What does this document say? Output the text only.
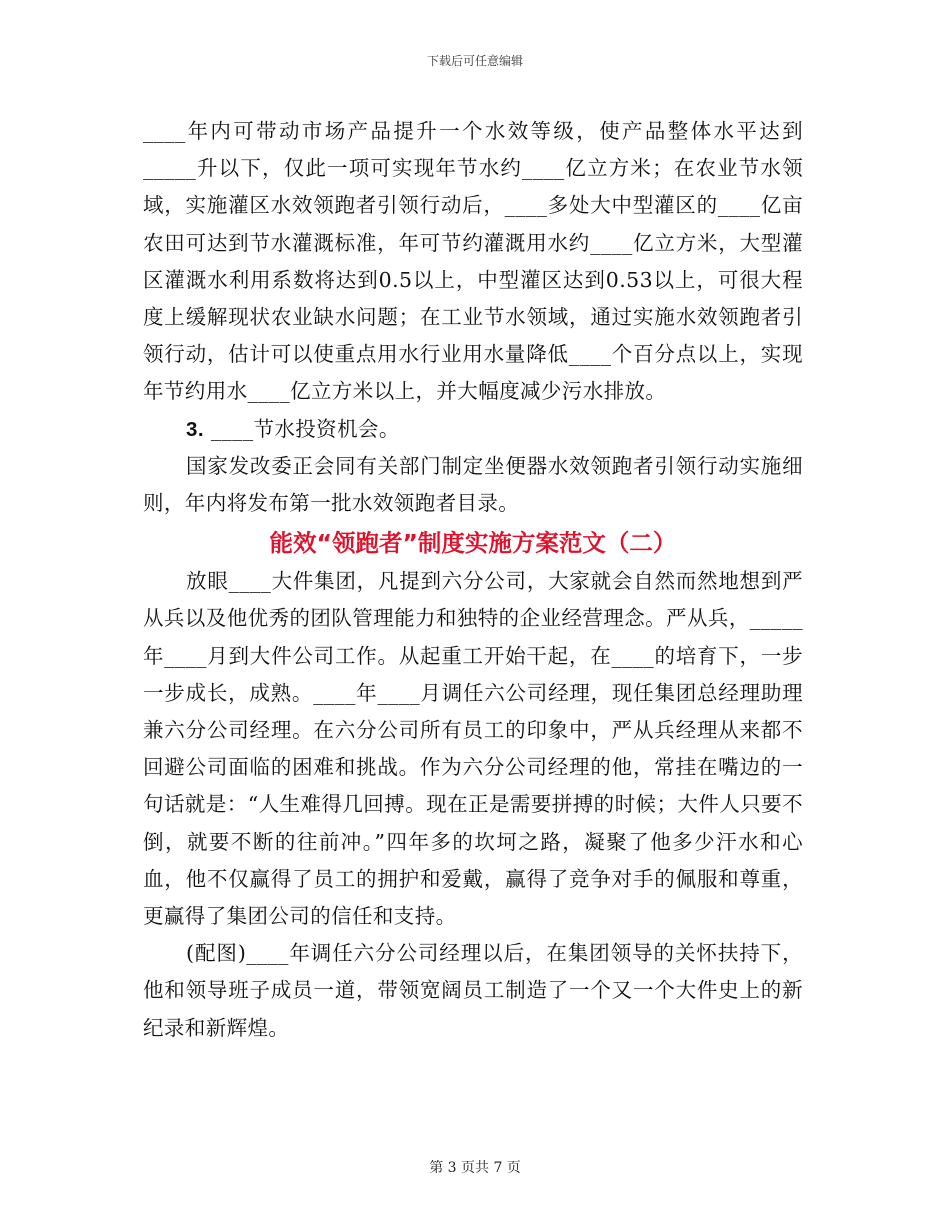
下载后可任意编辑

____年内可带动市场产品提升一个水效等级，使产品整体水平达到_____升以下，仅此一项可实现年节水约____亿立方米；在农业节水领域，实施灌区水效领跑者引领行动后，____多处大中型灌区的____亿亩农田可达到节水灌溉标准，年可节约灌溉用水约____亿立方米，大型灌区灌溉水利用系数将达到0.5以上，中型灌区达到0.53以上，可很大程度上缓解现状农业缺水问题；在工业节水领域，通过实施水效领跑者引领行动，估计可以使重点用水行业用水量降低____个百分点以上，实现年节约用水____亿立方米以上，并大幅度减少污水排放。

3. ____节水投资机会。

国家发改委正会同有关部门制定坐便器水效领跑者引领行动实施细则，年内将发布第一批水效领跑者目录。

能效“领跑者”制度实施方案范文（二）

放眼____大件集团，凡提到六分公司，大家就会自然而然地想到严从兵以及他优秀的团队管理能力和独特的企业经营理念。严从兵，_____年____月到大件公司工作。从起重工开始干起，在____的培育下，一步一步成长，成熟。____年____月调任六公司经理，现任集团总经理助理兼六分公司经理。在六分公司所有员工的印象中，严从兵经理从来都不回避公司面临的困难和挑战。作为六分公司经理的他，常挂在嘴边的一句话就是：“人生难得几回搏。现在正是需要拼搏的时候；大件人只要不倒，就要不断的往前冲。”四年多的坎坷之路，凝聚了他多少汗水和心血，他不仅赢得了员工的拥护和爱戴，赢得了竞争对手的佩服和尊重，更赢得了集团公司的信任和支持。

(配图)____年调任六分公司经理以后，在集团领导的关怀扶持下，他和领导班子成员一道，带领宽阔员工制造了一个又一个大件史上的新纪录和新辉煌。

第 3 页共 7 页
